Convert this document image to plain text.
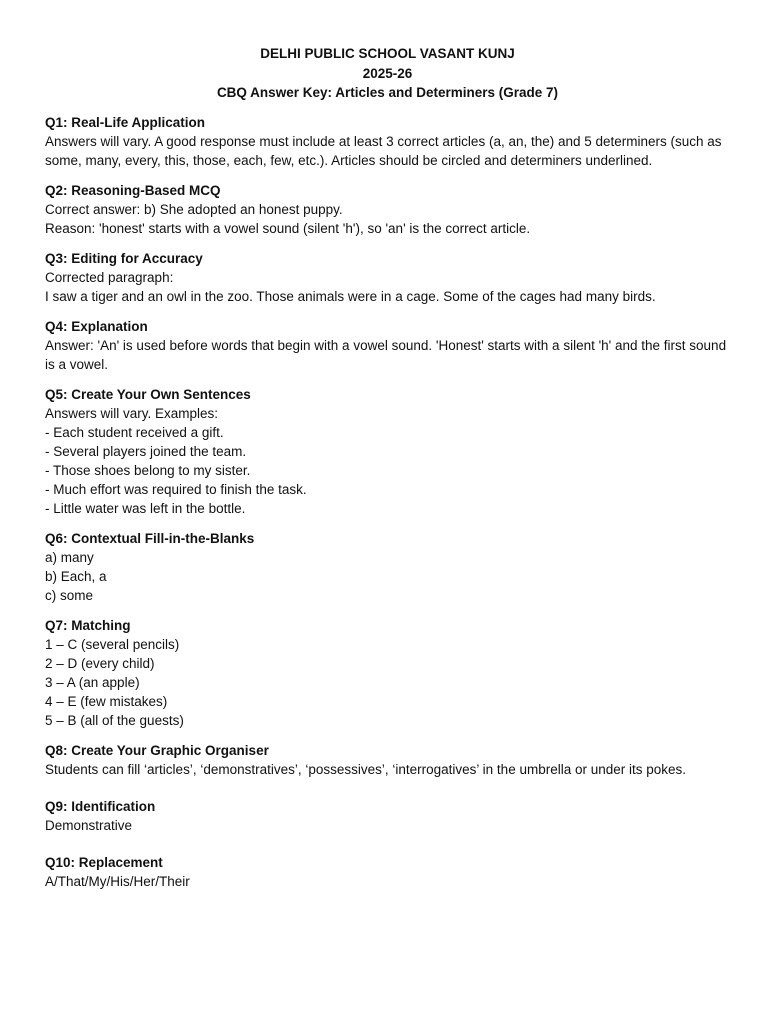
DELHI PUBLIC SCHOOL VASANT KUNJ
2025-26
CBQ Answer Key: Articles and Determiners (Grade 7)
Q1: Real-Life Application
Answers will vary. A good response must include at least 3 correct articles (a, an, the) and 5 determiners (such as some, many, every, this, those, each, few, etc.). Articles should be circled and determiners underlined.
Q2: Reasoning-Based MCQ
Correct answer: b) She adopted an honest puppy.
Reason: 'honest' starts with a vowel sound (silent 'h'), so 'an' is the correct article.
Q3: Editing for Accuracy
Corrected paragraph:
I saw a tiger and an owl in the zoo. Those animals were in a cage. Some of the cages had many birds.
Q4: Explanation
Answer: 'An' is used before words that begin with a vowel sound. 'Honest' starts with a silent 'h' and the first sound is a vowel.
Q5: Create Your Own Sentences
Answers will vary. Examples:
- Each student received a gift.
- Several players joined the team.
- Those shoes belong to my sister.
- Much effort was required to finish the task.
- Little water was left in the bottle.
Q6: Contextual Fill-in-the-Blanks
a) many
b) Each, a
c) some
Q7: Matching
1 – C (several pencils)
2 – D (every child)
3 – A (an apple)
4 – E (few mistakes)
5 – B (all of the guests)
Q8: Create Your Graphic Organiser
Students can fill ‘articles’, ‘demonstratives’, ‘possessives’, ‘interrogatives’ in the umbrella or under its pokes.
Q9: Identification
Demonstrative
Q10: Replacement
A/That/My/His/Her/Their
